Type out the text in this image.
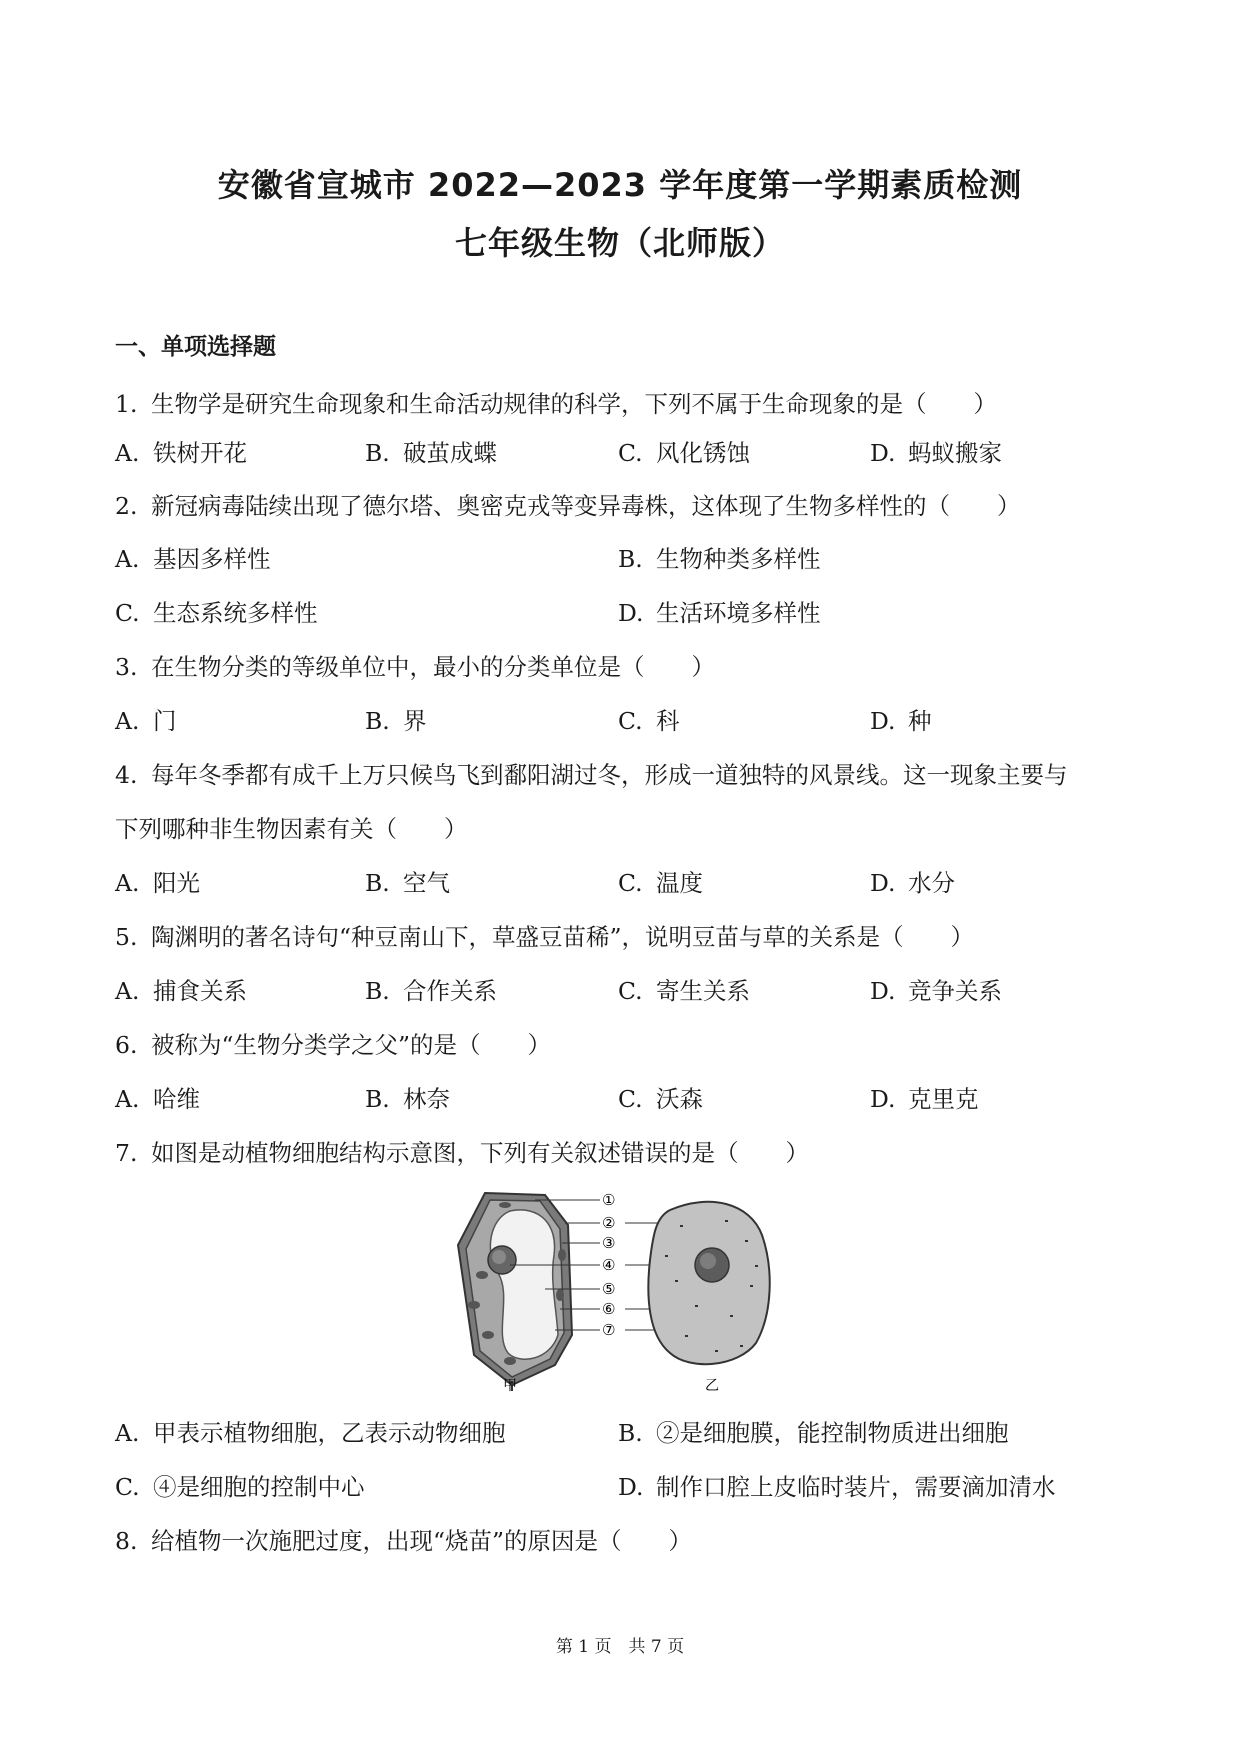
安徽省宣城市 2022—2023 学年度第一学期素质检测
七年级生物（北师版）
一、单项选择题
1. 生物学是研究生命现象和生命活动规律的科学，下列不属于生命现象的是（　　）
A. 铁树开花	B. 破茧成蝶	C. 风化锈蚀	D. 蚂蚁搬家
2. 新冠病毒陆续出现了德尔塔、奥密克戎等变异毒株，这体现了生物多样性的（　　）
A. 基因多样性	B. 生物种类多样性
C. 生态系统多样性	D. 生活环境多样性
3. 在生物分类的等级单位中，最小的分类单位是（　　）
A. 门	B. 界	C. 科	D. 种
4. 每年冬季都有成千上万只候鸟飞到鄱阳湖过冬，形成一道独特的风景线。这一现象主要与
下列哪种非生物因素有关（　　）
A. 阳光	B. 空气	C. 温度	D. 水分
5. 陶渊明的著名诗句“种豆南山下，草盛豆苗稀”，说明豆苗与草的关系是（　　）
A. 捕食关系	B. 合作关系	C. 寄生关系	D. 竞争关系
6. 被称为“生物分类学之父”的是（　　）
A. 哈维	B. 林奈	C. 沃森	D. 克里克
7. 如图是动植物细胞结构示意图，下列有关叙述错误的是（　　）
①
②
③
④
⑤
⑥
⑦
甲	乙
A. 甲表示植物细胞，乙表示动物细胞	B. ②是细胞膜，能控制物质进出细胞
C. ④是细胞的控制中心	D. 制作口腔上皮临时装片，需要滴加清水
8. 给植物一次施肥过度，出现“烧苗”的原因是（　　）
第 1 页　共 7 页
